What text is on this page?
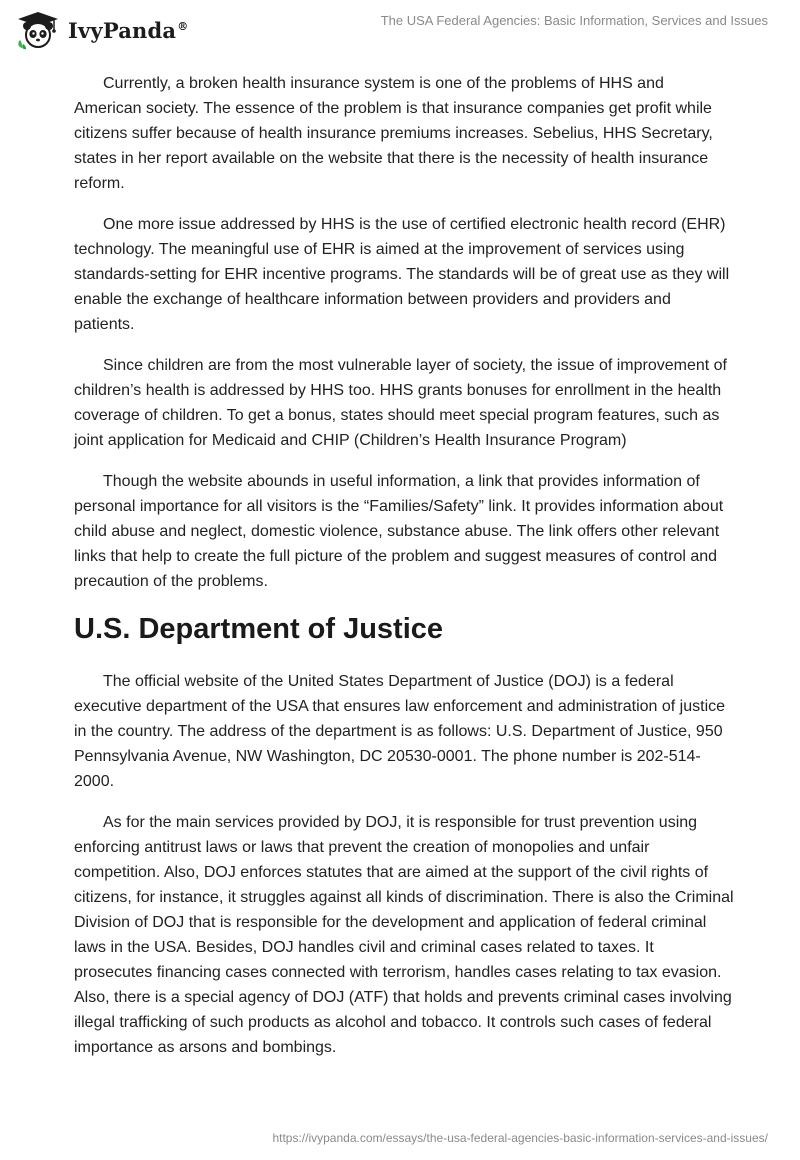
IvyPanda®	The USA Federal Agencies: Basic Information, Services and Issues

Currently, a broken health insurance system is one of the problems of HHS and American society. The essence of the problem is that insurance companies get profit while citizens suffer because of health insurance premiums increases. Sebelius, HHS Secretary, states in her report available on the website that there is the necessity of health insurance reform.

One more issue addressed by HHS is the use of certified electronic health record (EHR) technology. The meaningful use of EHR is aimed at the improvement of services using standards-setting for EHR incentive programs. The standards will be of great use as they will enable the exchange of healthcare information between providers and providers and patients.

Since children are from the most vulnerable layer of society, the issue of improvement of children’s health is addressed by HHS too. HHS grants bonuses for enrollment in the health coverage of children. To get a bonus, states should meet special program features, such as joint application for Medicaid and CHIP (Children’s Health Insurance Program)

Though the website abounds in useful information, a link that provides information of personal importance for all visitors is the “Families/Safety” link. It provides information about child abuse and neglect, domestic violence, substance abuse. The link offers other relevant links that help to create the full picture of the problem and suggest measures of control and precaution of the problems.

U.S. Department of Justice

The official website of the United States Department of Justice (DOJ) is a federal executive department of the USA that ensures law enforcement and administration of justice in the country. The address of the department is as follows: U.S. Department of Justice, 950 Pennsylvania Avenue, NW Washington, DC 20530-0001. The phone number is 202-514-2000.

As for the main services provided by DOJ, it is responsible for trust prevention using enforcing antitrust laws or laws that prevent the creation of monopolies and unfair competition. Also, DOJ enforces statutes that are aimed at the support of the civil rights of citizens, for instance, it struggles against all kinds of discrimination. There is also the Criminal Division of DOJ that is responsible for the development and application of federal criminal laws in the USA. Besides, DOJ handles civil and criminal cases related to taxes. It prosecutes financing cases connected with terrorism, handles cases relating to tax evasion. Also, there is a special agency of DOJ (ATF) that holds and prevents criminal cases involving illegal trafficking of such products as alcohol and tobacco. It controls such cases of federal importance as arsons and bombings.

https://ivypanda.com/essays/the-usa-federal-agencies-basic-information-services-and-issues/
